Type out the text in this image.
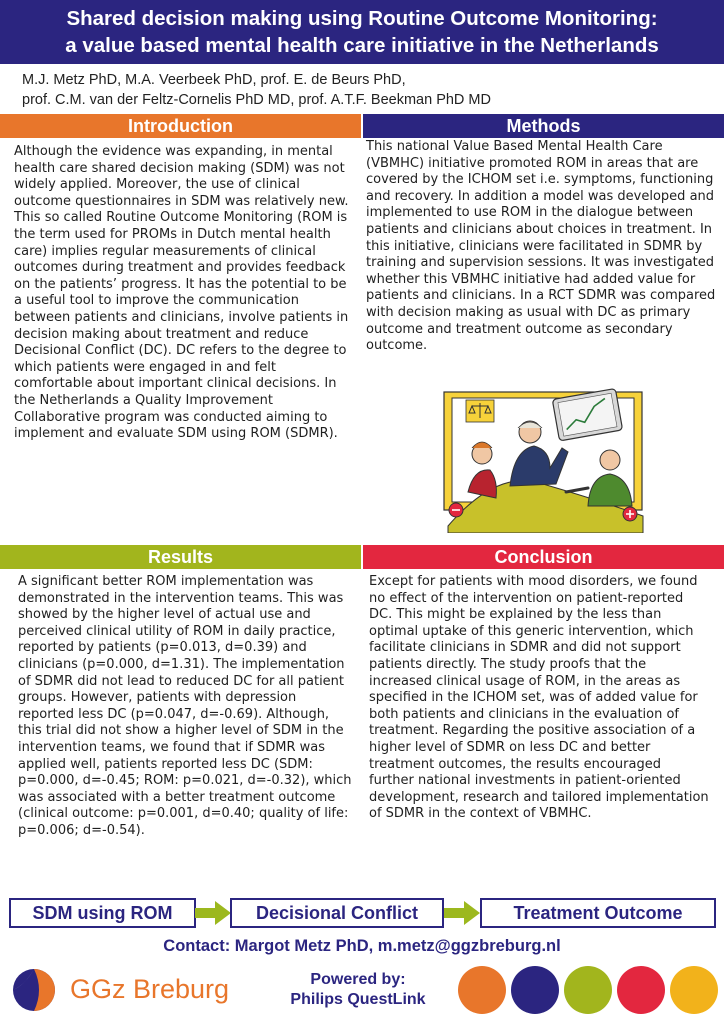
Shared decision making using Routine Outcome Monitoring:
a value based mental health care initiative in the Netherlands
M.J. Metz PhD, M.A. Veerbeek PhD, prof. E. de Beurs PhD,
prof. C.M. van der Feltz-Cornelis PhD MD, prof. A.T.F. Beekman PhD MD
Introduction	Methods
Although the evidence was expanding, in mental health care shared decision making (SDM) was not widely applied. Moreover, the use of clinical outcome questionnaires in SDM was relatively new. This so called Routine Outcome Monitoring (ROM is the term used for PROMs in Dutch mental health care) implies regular measurements of clinical outcomes during treatment and provides feedback on the patients’ progress. It has the potential to be a useful tool to improve the communication between patients and clinicians, involve patients in decision making about treatment and reduce Decisional Conflict (DC). DC refers to the degree to which patients were engaged in and felt comfortable about important clinical decisions. In the Netherlands a Quality Improvement Collaborative program was conducted aiming to implement and evaluate SDM using ROM (SDMR).
This national Value Based Mental Health Care (VBMHC) initiative promoted ROM in areas that are covered by the ICHOM set i.e. symptoms, functioning and recovery. In addition a model was developed and implemented to use ROM in the dialogue between patients and clinicians about choices in treatment. In this initiative, clinicians were facilitated in SDMR by training and supervision sessions. It was investigated whether this VBMHC initiative had added value for patients and clinicians. In a RCT SDMR was compared with decision making as usual with DC as primary outcome and treatment outcome as secondary outcome.
Results	Conclusion
A significant better ROM implementation was demonstrated in the intervention teams. This was showed by the higher level of actual use and perceived clinical utility of ROM in daily practice, reported by patients (p=0.013, d=0.39) and clinicians (p=0.000, d=1.31). The implementation of SDMR did not lead to reduced DC for all patient groups. However, patients with depression reported less DC (p=0.047, d=-0.69). Although, this trial did not show a higher level of SDM in the intervention teams, we found that if SDMR was applied well, patients reported less DC (SDM: p=0.000, d=-0.45; ROM: p=0.021, d=-0.32), which was associated with a better treatment outcome (clinical outcome: p=0.001, d=0.40; quality of life: p=0.006; d=-0.54).
Except for patients with mood disorders, we found no effect of the intervention on patient-reported DC. This might be explained by the less than optimal uptake of this generic intervention, which facilitate clinicians in SDMR and did not support patients directly. The study proofs that the increased clinical usage of ROM, in the areas as specified in the ICHOM set, was of added value for both patients and clinicians in the evaluation of treatment. Regarding the positive association of a higher level of SDMR on less DC and better treatment outcomes, the results encouraged further national investments in patient-oriented development, research and tailored implementation of SDMR in the context of VBMHC.
SDM using ROM	Decisional Conflict	Treatment Outcome
Contact: Margot Metz PhD, m.metz@ggzbreburg.nl
GGz Breburg	Powered by:
Philips QuestLink
